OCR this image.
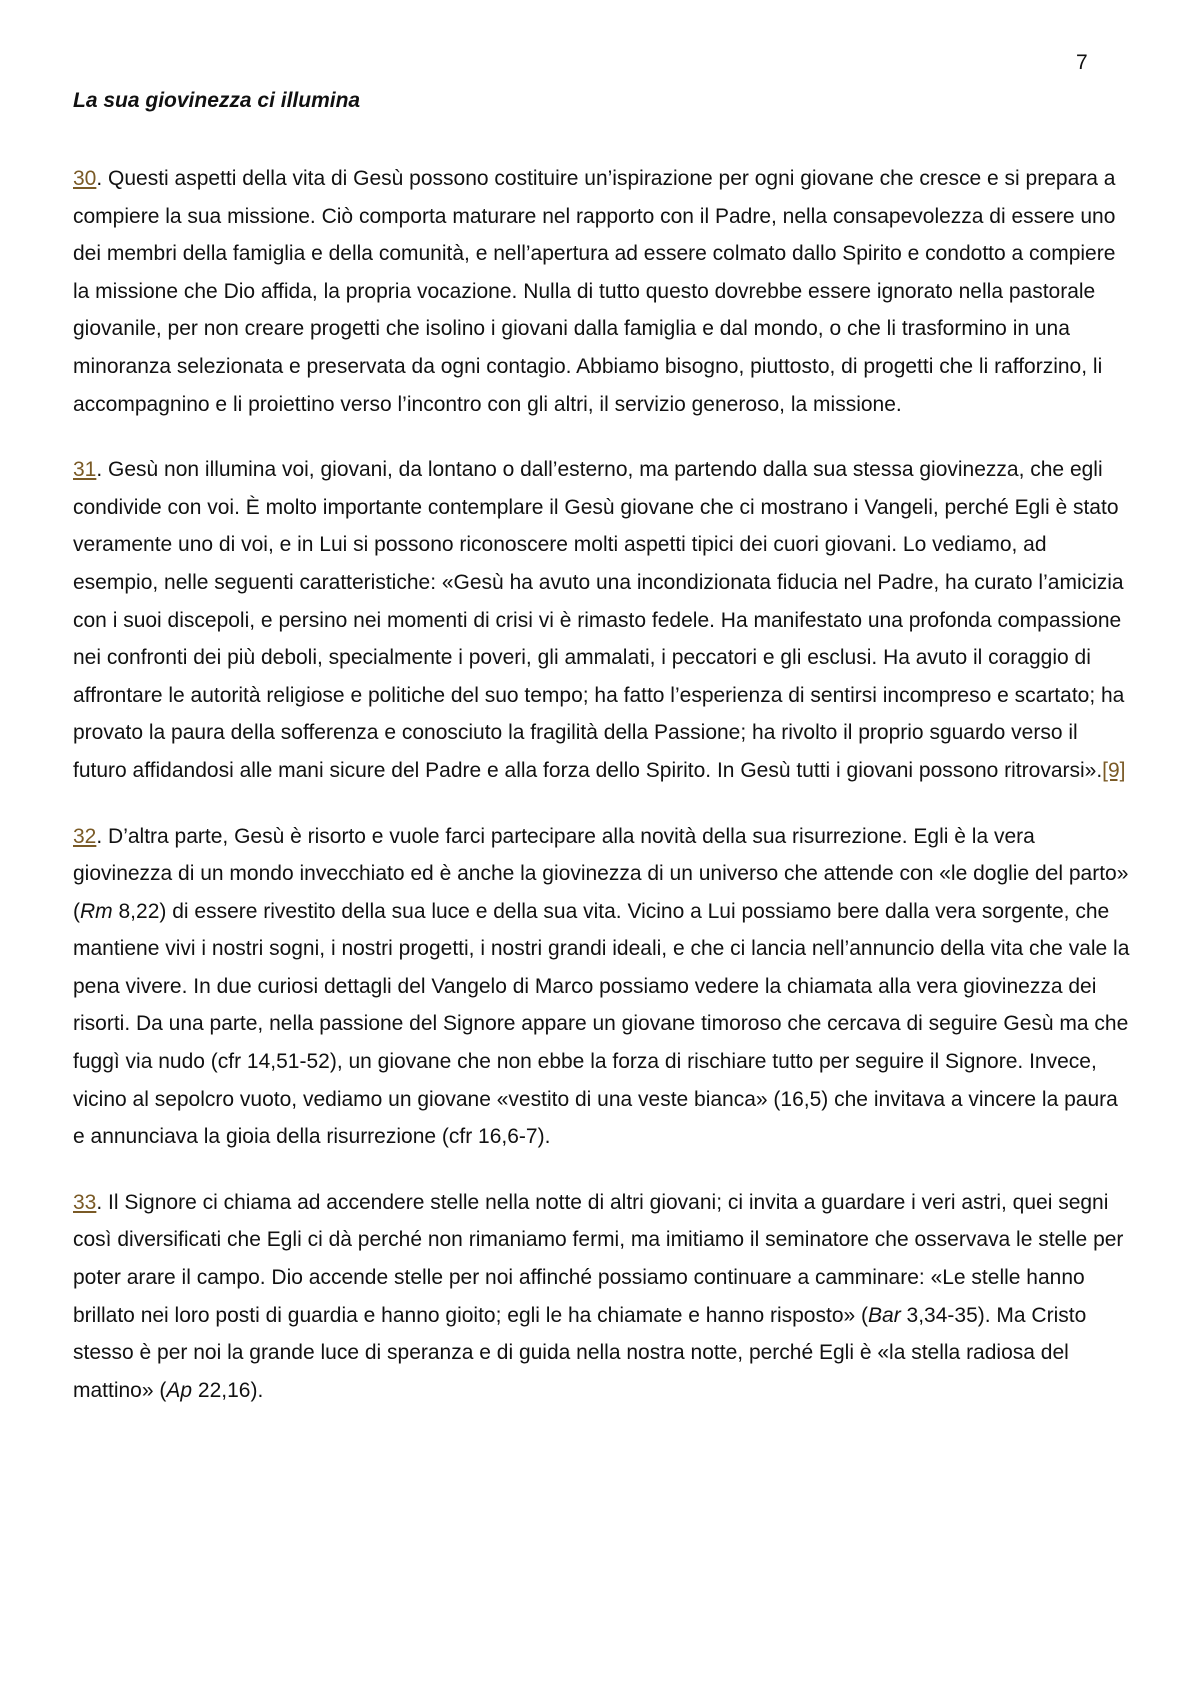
7
La sua giovinezza ci illumina

30. Questi aspetti della vita di Gesù possono costituire un’ispirazione per ogni giovane che cresce e si prepara a compiere la sua missione. Ciò comporta maturare nel rapporto con il Padre, nella consapevolezza di essere uno dei membri della famiglia e della comunità, e nell’apertura ad essere colmato dallo Spirito e condotto a compiere la missione che Dio affida, la propria vocazione. Nulla di tutto questo dovrebbe essere ignorato nella pastorale giovanile, per non creare progetti che isolino i giovani dalla famiglia e dal mondo, o che li trasformino in una minoranza selezionata e preservata da ogni contagio. Abbiamo bisogno, piuttosto, di progetti che li rafforzino, li accompagnino e li proiettino verso l’incontro con gli altri, il servizio generoso, la missione.

31. Gesù non illumina voi, giovani, da lontano o dall’esterno, ma partendo dalla sua stessa giovinezza, che egli condivide con voi. È molto importante contemplare il Gesù giovane che ci mostrano i Vangeli, perché Egli è stato veramente uno di voi, e in Lui si possono riconoscere molti aspetti tipici dei cuori giovani. Lo vediamo, ad esempio, nelle seguenti caratteristiche: «Gesù ha avuto una incondizionata fiducia nel Padre, ha curato l’amicizia con i suoi discepoli, e persino nei momenti di crisi vi è rimasto fedele. Ha manifestato una profonda compassione nei confronti dei più deboli, specialmente i poveri, gli ammalati, i peccatori e gli esclusi. Ha avuto il coraggio di affrontare le autorità religiose e politiche del suo tempo; ha fatto l’esperienza di sentirsi incompreso e scartato; ha provato la paura della sofferenza e conosciuto la fragilità della Passione; ha rivolto il proprio sguardo verso il futuro affidandosi alle mani sicure del Padre e alla forza dello Spirito. In Gesù tutti i giovani possono ritrovarsi».[9]

32. D’altra parte, Gesù è risorto e vuole farci partecipare alla novità della sua risurrezione. Egli è la vera giovinezza di un mondo invecchiato ed è anche la giovinezza di un universo che attende con «le doglie del parto» (Rm 8,22) di essere rivestito della sua luce e della sua vita. Vicino a Lui possiamo bere dalla vera sorgente, che mantiene vivi i nostri sogni, i nostri progetti, i nostri grandi ideali, e che ci lancia nell’annuncio della vita che vale la pena vivere. In due curiosi dettagli del Vangelo di Marco possiamo vedere la chiamata alla vera giovinezza dei risorti. Da una parte, nella passione del Signore appare un giovane timoroso che cercava di seguire Gesù ma che fuggì via nudo (cfr 14,51-52), un giovane che non ebbe la forza di rischiare tutto per seguire il Signore. Invece, vicino al sepolcro vuoto, vediamo un giovane «vestito di una veste bianca» (16,5) che invitava a vincere la paura e annunciava la gioia della risurrezione (cfr 16,6-7).

33. Il Signore ci chiama ad accendere stelle nella notte di altri giovani; ci invita a guardare i veri astri, quei segni così diversificati che Egli ci dà perché non rimaniamo fermi, ma imitiamo il seminatore che osservava le stelle per poter arare il campo. Dio accende stelle per noi affinché possiamo continuare a camminare: «Le stelle hanno brillato nei loro posti di guardia e hanno gioito; egli le ha chiamate e hanno risposto» (Bar 3,34-35). Ma Cristo stesso è per noi la grande luce di speranza e di guida nella nostra notte, perché Egli è «la stella radiosa del mattino» (Ap 22,16).
